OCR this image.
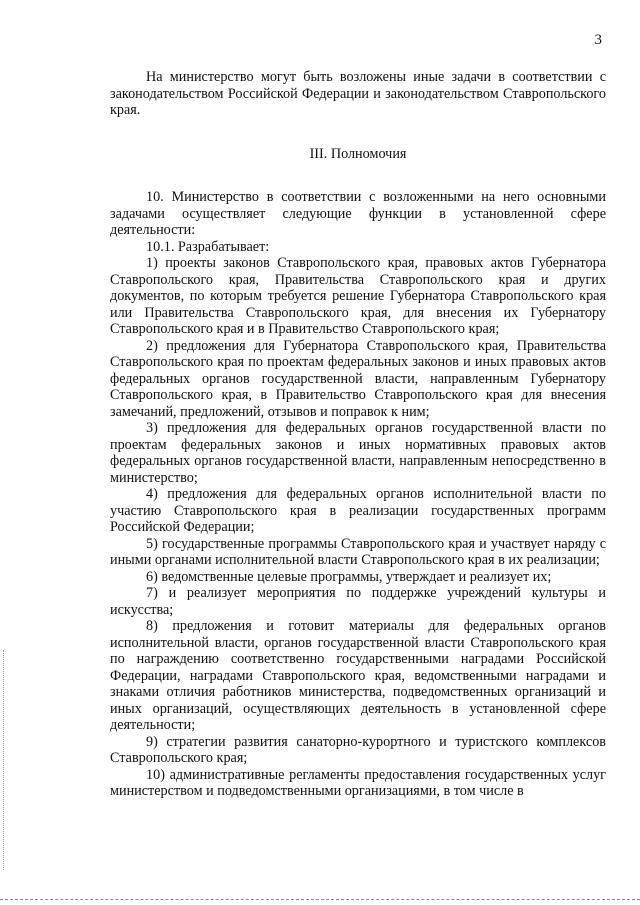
3

На министерство могут быть возложены иные задачи в соответствии с законодательством Российской Федерации и законодательством Ставропольского края.

III. Полномочия

10. Министерство в соответствии с возложенными на него основными задачами осуществляет следующие функции в установленной сфере деятельности:

10.1. Разрабатывает:

1) проекты законов Ставропольского края, правовых актов Губернатора Ставропольского края, Правительства Ставропольского края и других документов, по которым требуется решение Губернатора Ставропольского края или Правительства Ставропольского края, для внесения их Губернатору Ставропольского края и в Правительство Ставропольского края;

2) предложения для Губернатора Ставропольского края, Правительства Ставропольского края по проектам федеральных законов и иных правовых актов федеральных органов государственной власти, направленным Губернатору Ставропольского края, в Правительство Ставропольского края для внесения замечаний, предложений, отзывов и поправок к ним;

3) предложения для федеральных органов государственной власти по проектам федеральных законов и иных нормативных правовых актов федеральных органов государственной власти, направленным непосредственно в министерство;

4) предложения для федеральных органов исполнительной власти по участию Ставропольского края в реализации государственных программ Российской Федерации;

5) государственные программы Ставропольского края и участвует наряду с иными органами исполнительной власти Ставропольского края в их реализации;

6) ведомственные целевые программы, утверждает и реализует их;

7) и реализует мероприятия по поддержке учреждений культуры и искусства;

8) предложения и готовит материалы для федеральных органов исполнительной власти, органов государственной власти Ставропольского края по награждению соответственно государственными наградами Российской Федерации, наградами Ставропольского края, ведомственными наградами и знаками отличия работников министерства, подведомственных организаций и иных организаций, осуществляющих деятельность в установленной сфере деятельности;

9) стратегии развития санаторно-курортного и туристского комплексов Ставропольского края;

10) административные регламенты предоставления государственных услуг министерством и подведомственными организациями, в том числе в
